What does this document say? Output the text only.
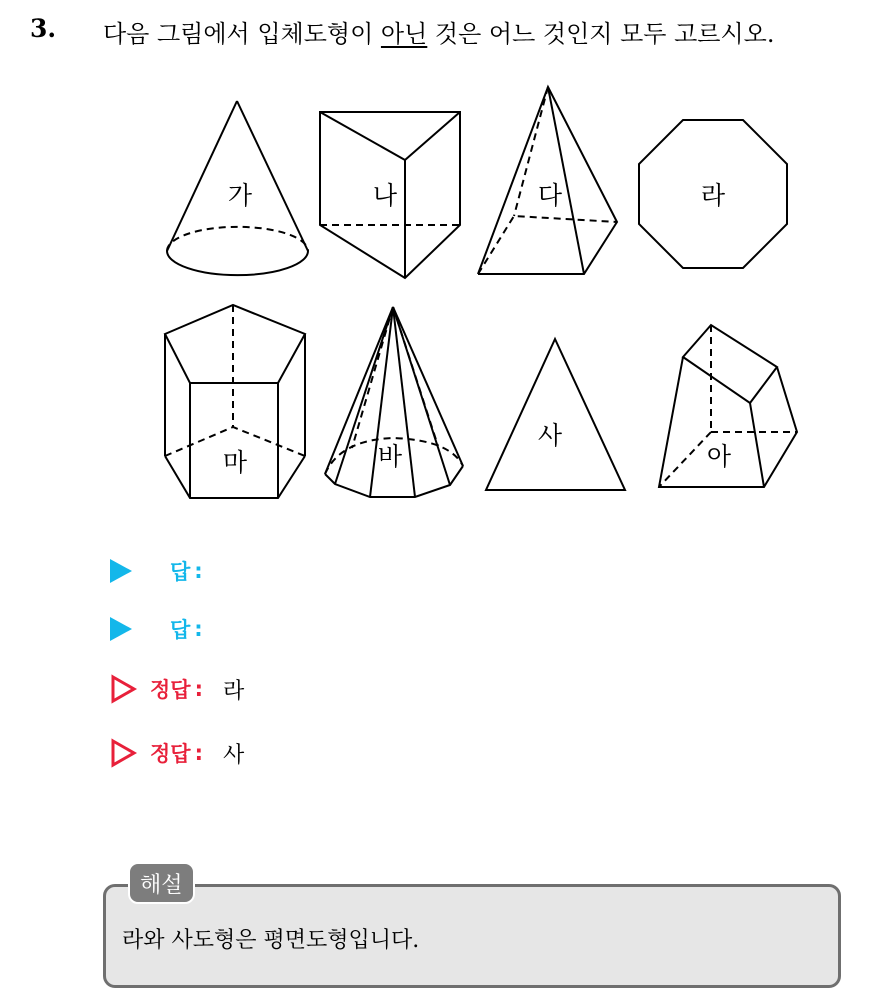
3. 다음 그림에서 입체도형이 아닌 것은 어느 것인지 모두 고르시오.
가	나	다	라
마	바
사
아
답 :
답 :
정답 : 라
정답 : 사
해설
라와 사도형은 평면도형입니다.
